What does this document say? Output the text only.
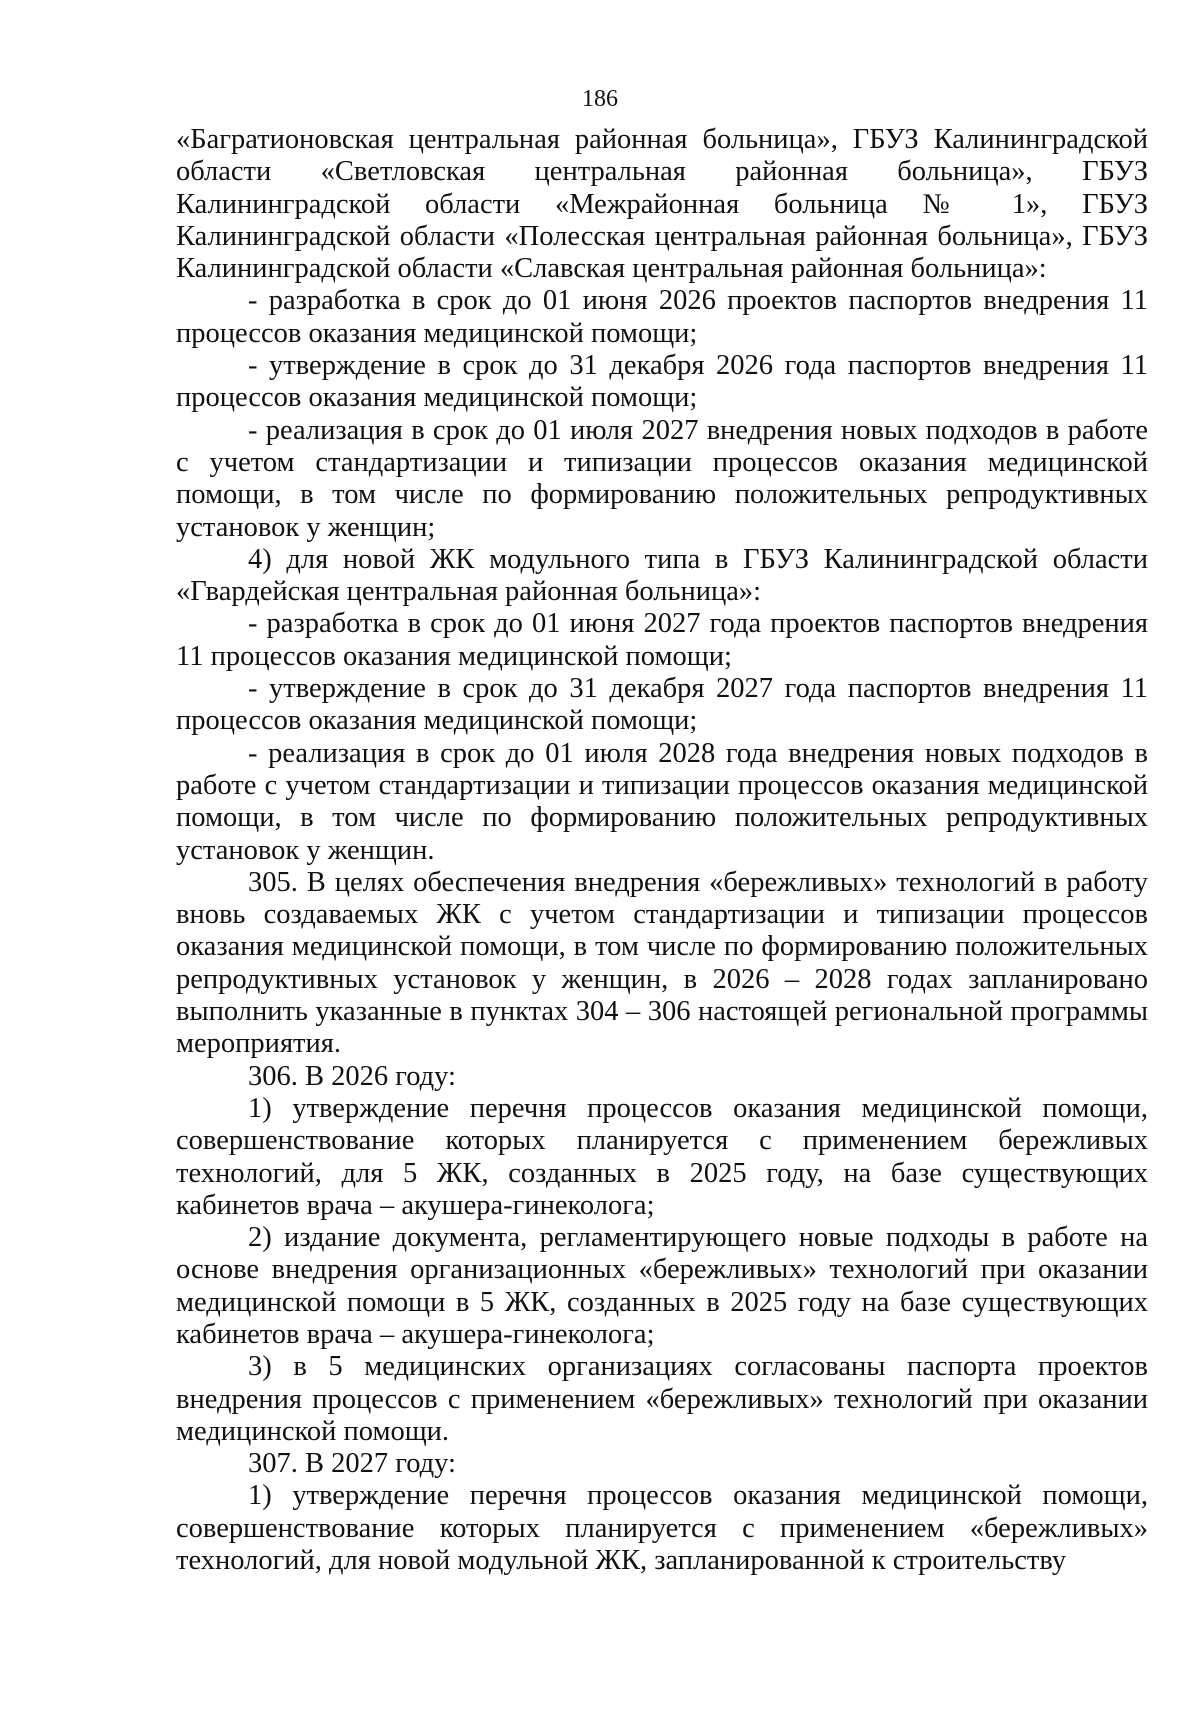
186

«Багратионовская центральная районная больница», ГБУЗ Калининградской области «Светловская центральная районная больница», ГБУЗ Калининградской области «Межрайонная больница № 1», ГБУЗ Калининградской области «Полесская центральная районная больница», ГБУЗ Калининградской области «Славская центральная районная больница»:

- разработка в срок до 01 июня 2026 проектов паспортов внедрения 11 процессов оказания медицинской помощи;

- утверждение в срок до 31 декабря 2026 года паспортов внедрения 11 процессов оказания медицинской помощи;

- реализация в срок до 01 июля 2027 внедрения новых подходов в работе с учетом стандартизации и типизации процессов оказания медицинской помощи, в том числе по формированию положительных репродуктивных установок у женщин;

4) для новой ЖК модульного типа в ГБУЗ Калининградской области «Гвардейская центральная районная больница»:

- разработка в срок до 01 июня 2027 года проектов паспортов внедрения 11 процессов оказания медицинской помощи;

- утверждение в срок до 31 декабря 2027 года паспортов внедрения 11 процессов оказания медицинской помощи;

- реализация в срок до 01 июля 2028 года внедрения новых подходов в работе с учетом стандартизации и типизации процессов оказания медицинской помощи, в том числе по формированию положительных репродуктивных установок у женщин.

305. В целях обеспечения внедрения «бережливых» технологий в работу вновь создаваемых ЖК с учетом стандартизации и типизации процессов оказания медицинской помощи, в том числе по формированию положительных репродуктивных установок у женщин, в 2026 – 2028 годах запланировано выполнить указанные в пунктах 304 – 306 настоящей региональной программы мероприятия.

306. В 2026 году:

1) утверждение перечня процессов оказания медицинской помощи, совершенствование которых планируется с применением бережливых технологий, для 5 ЖК, созданных в 2025 году, на базе существующих кабинетов врача – акушера-гинеколога;

2) издание документа, регламентирующего новые подходы в работе на основе внедрения организационных «бережливых» технологий при оказании медицинской помощи в 5 ЖК, созданных в 2025 году на базе существующих кабинетов врача – акушера-гинеколога;

3) в 5 медицинских организациях согласованы паспорта проектов внедрения процессов с применением «бережливых» технологий при оказании медицинской помощи.

307. В 2027 году:

1) утверждение перечня процессов оказания медицинской помощи, совершенствование которых планируется с применением «бережливых» технологий, для новой модульной ЖК, запланированной к строительству
